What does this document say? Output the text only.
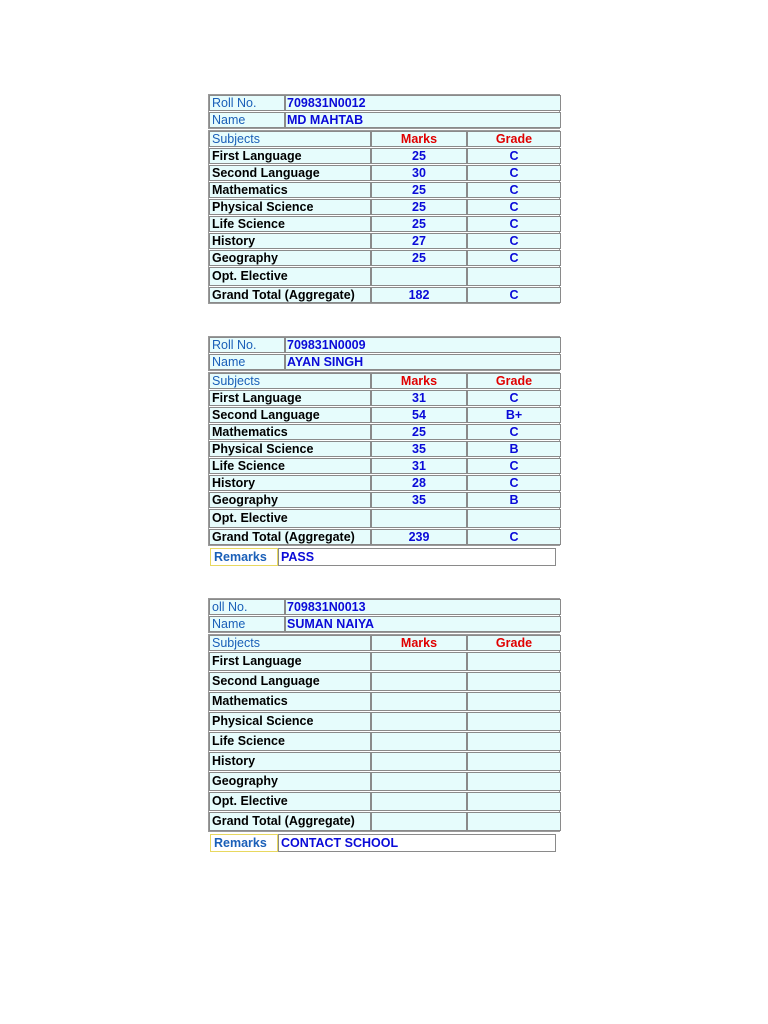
Roll No.	709831N0012
Name	MD MAHTAB
Subjects	Marks	Grade
First Language	25	C
Second Language	30	C
Mathematics	25	C
Physical Science	25	C
Life Science	25	C
History	27	C
Geography	25	C
Opt. Elective
Grand Total (Aggregate)	182	C
Roll No.	709831N0009
Name	AYAN SINGH
Subjects	Marks	Grade
First Language	31	C
Second Language	54	B+
Mathematics	25	C
Physical Science	35	B
Life Science	31	C
History	28	C
Geography	35	B
Opt. Elective
Grand Total (Aggregate)	239	C
Remarks	PASS
oll No.	709831N0013
Name	SUMAN NAIYA
Subjects	Marks	Grade
First Language
Second Language
Mathematics
Physical Science
Life Science
History
Geography
Opt. Elective
Grand Total (Aggregate)
Remarks	CONTACT SCHOOL
